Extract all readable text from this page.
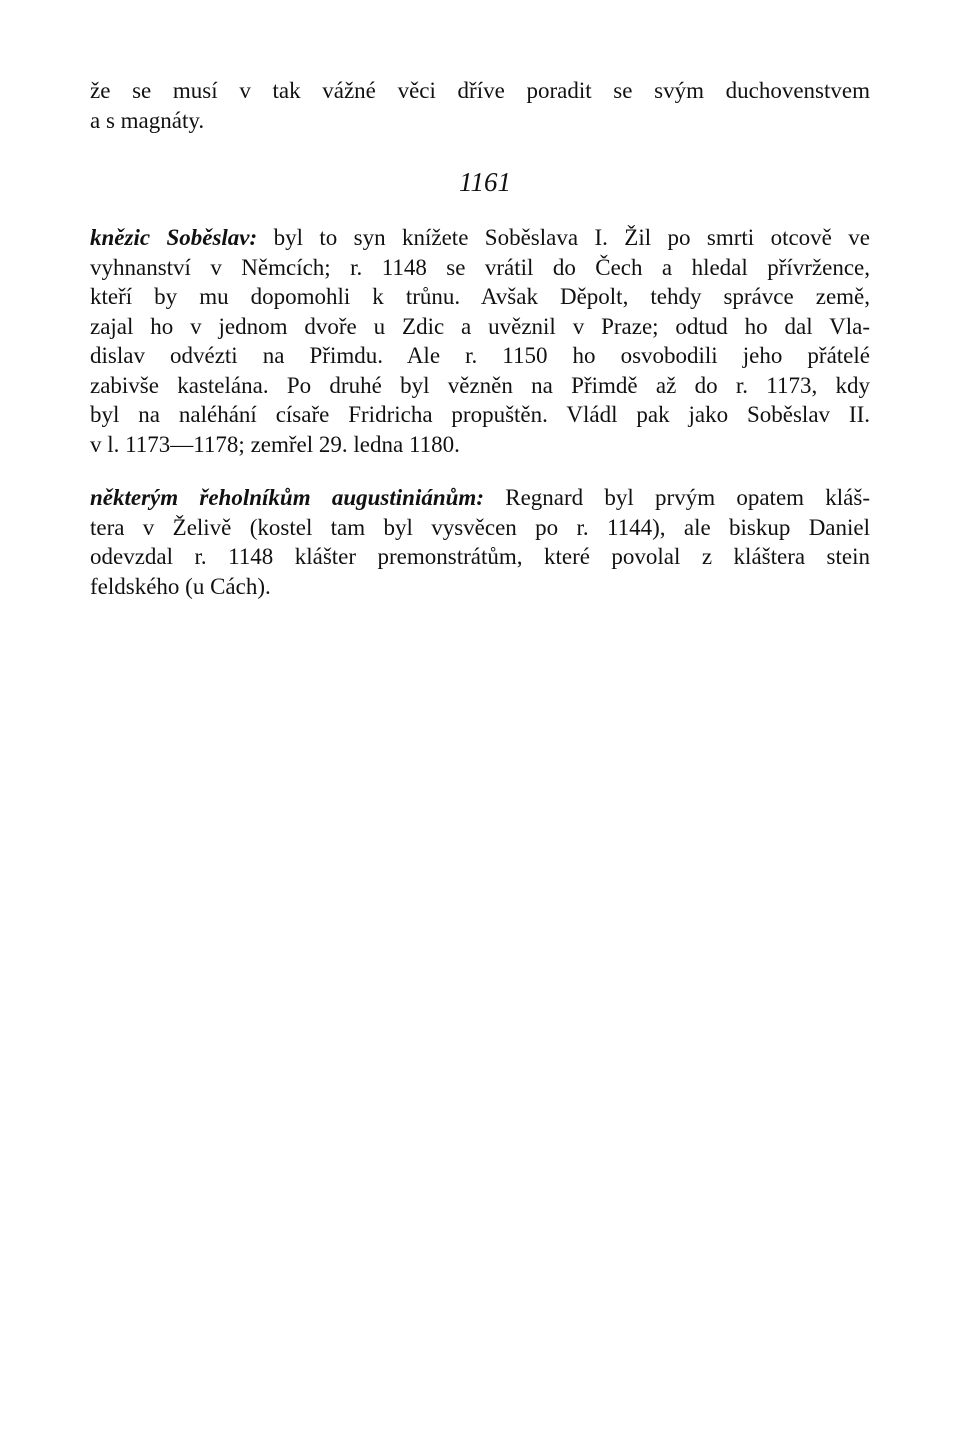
že se musí v tak vážné věci dříve poradit se svým duchovenstvem
a s magnáty.
1161
knězic Soběslav: byl to syn knížete Soběslava I. Žil po smrti otcově ve
vyhnanství v Němcích; r. 1148 se vrátil do Čech a hledal přívržence,
kteří by mu dopomohli k trůnu. Avšak Děpolt, tehdy správce země,
zajal ho v jednom dvoře u Zdic a uvěznil v Praze; odtud ho dal Vla-
dislav odvézti na Přimdu. Ale r. 1150 ho osvobodili jeho přátelé
zabivše kastelána. Po druhé byl vězněn na Přimdě až do r. 1173, kdy
byl na naléhání císaře Fridricha propuštěn. Vládl pak jako Soběslav II.
v l. 1173—1178; zemřel 29. ledna 1180.
některým řeholníkům augustiniánům: Regnard byl prvým opatem kláš-
tera v Želivě (kostel tam byl vysvěcen po r. 1144), ale biskup Daniel
odevzdal r. 1148 klášter premonstrátům, které povolal z kláštera stein
feldského (u Cách).
